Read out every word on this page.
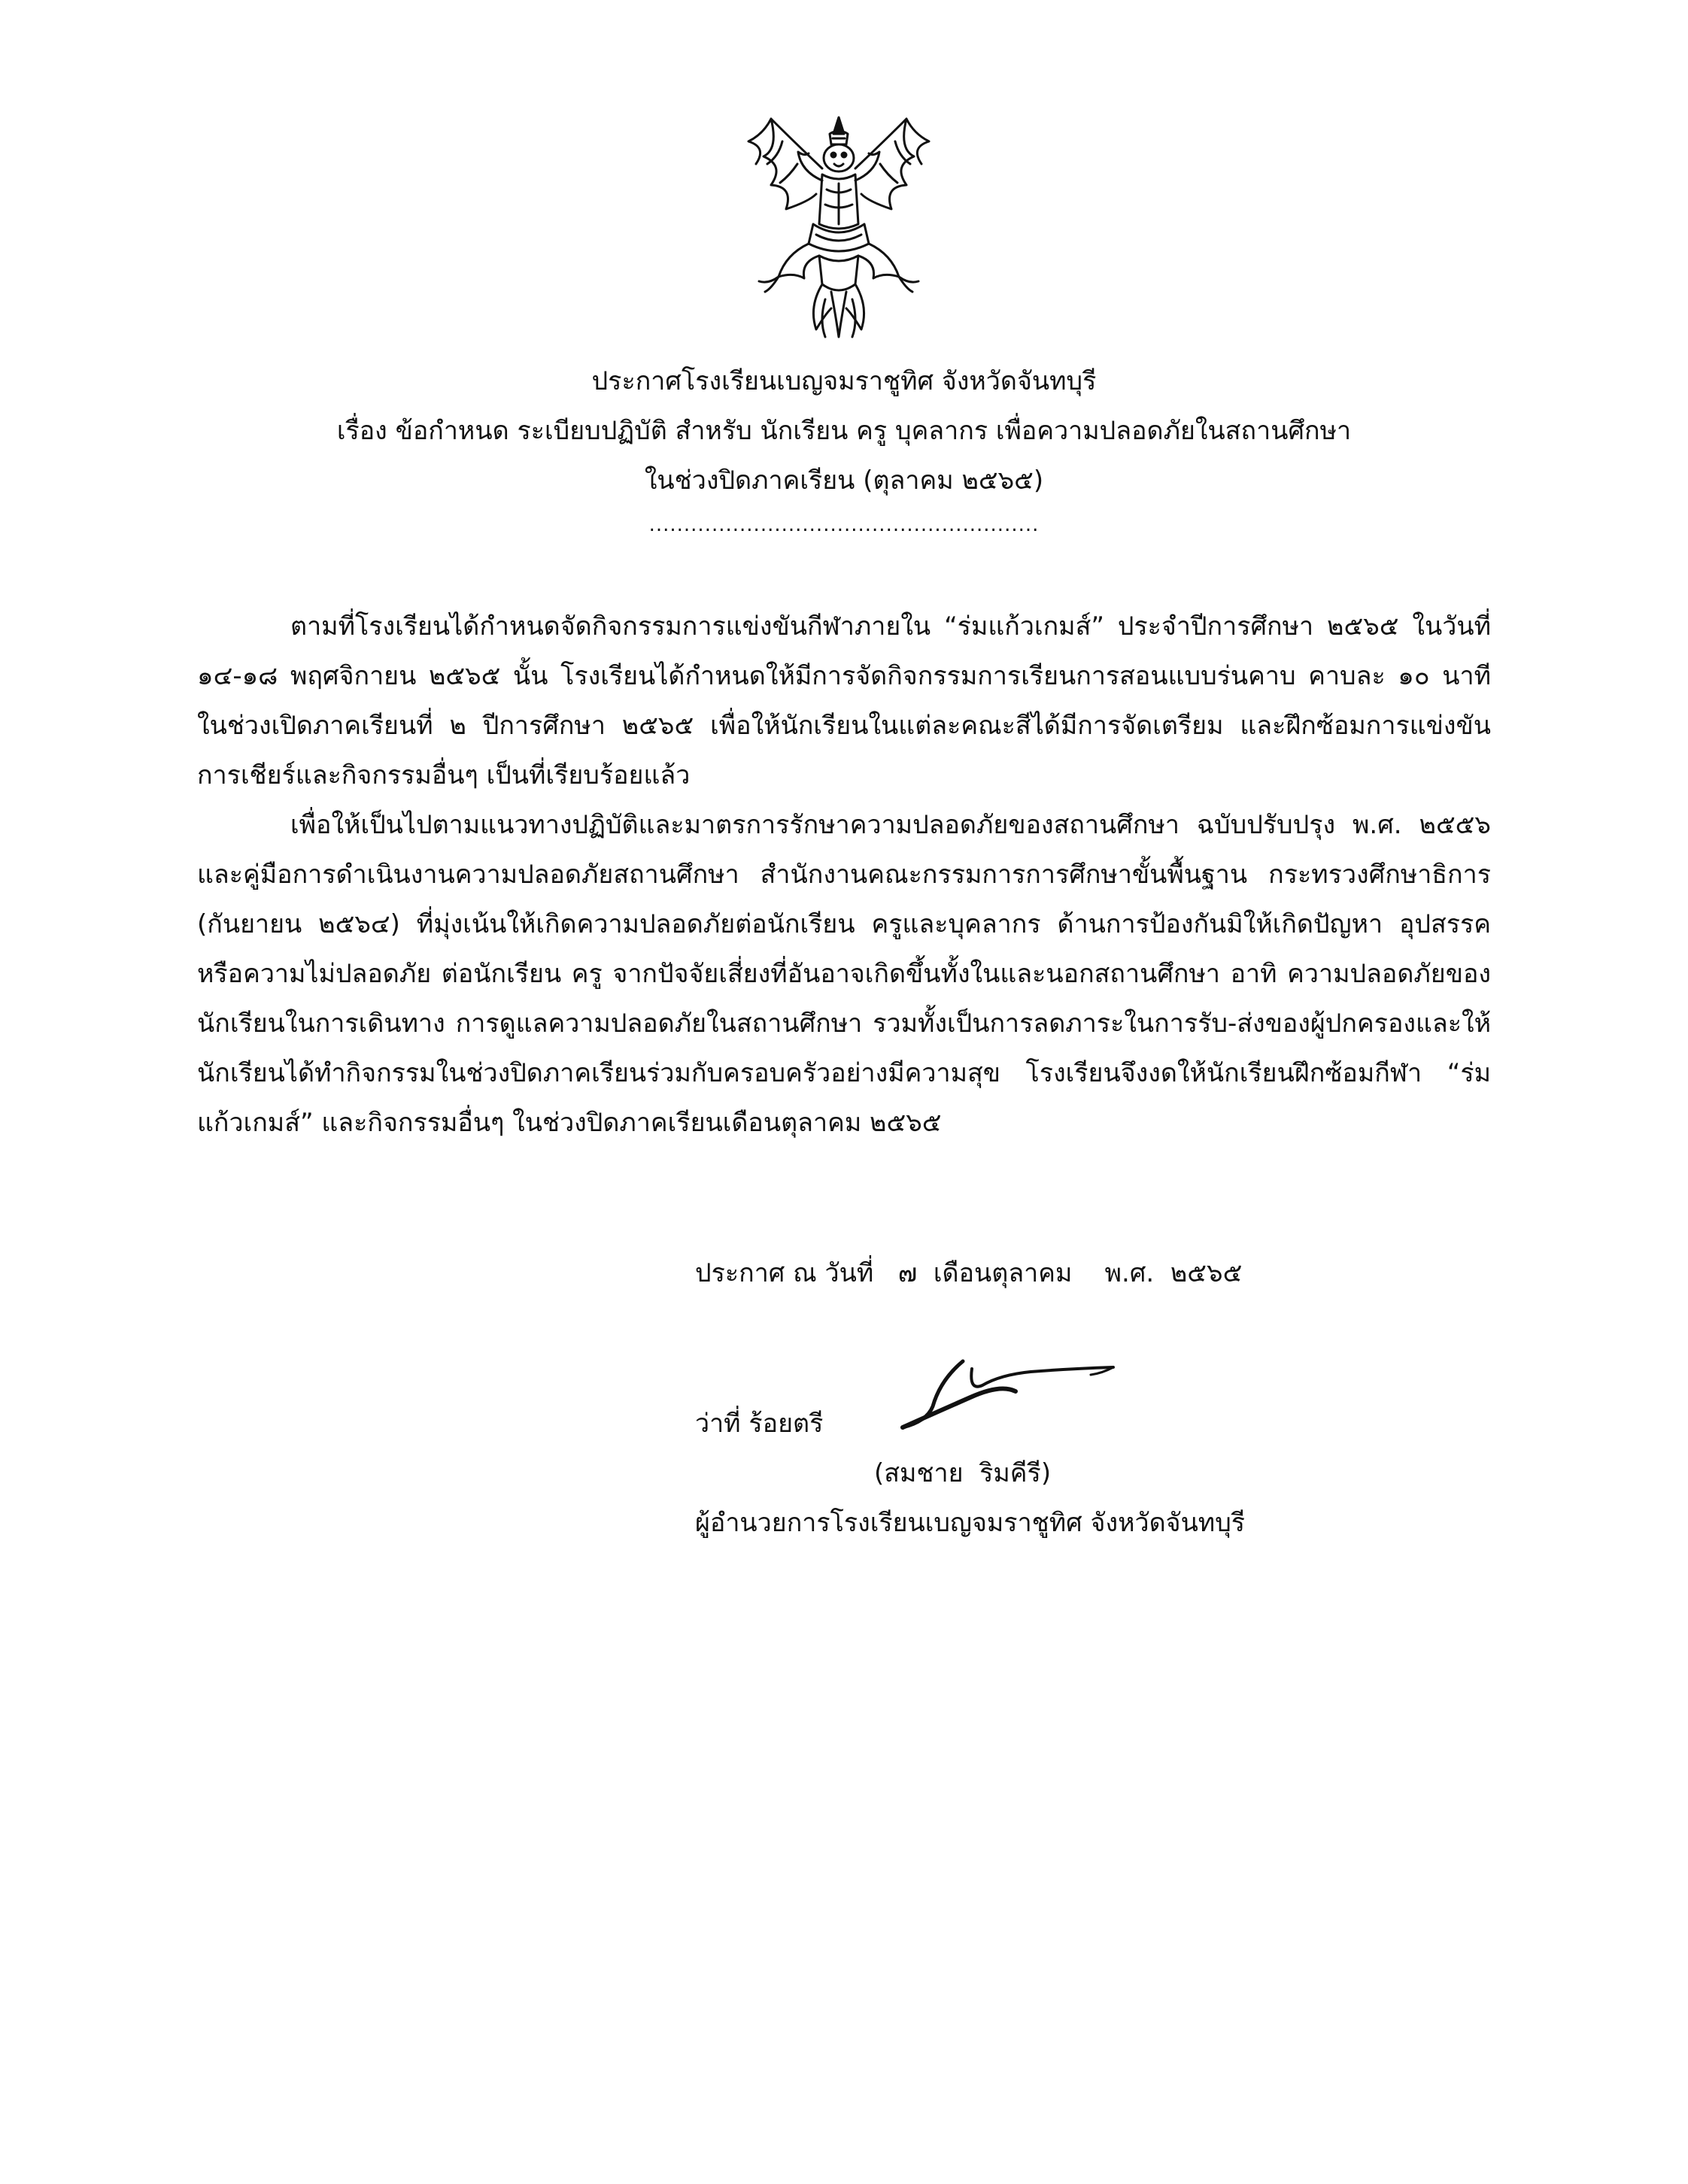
ประกาศโรงเรียนเบญจมราชูทิศ จังหวัดจันทบุรี
เรื่อง ข้อกำหนด ระเบียบปฏิบัติ สำหรับ นักเรียน ครู บุคลากร เพื่อความปลอดภัยในสถานศึกษา
ในช่วงปิดภาคเรียน (ตุลาคม ๒๕๖๕)
........................................................

ตามที่โรงเรียนได้กำหนดจัดกิจกรรมการแข่งขันกีฬาภายใน “ร่มแก้วเกมส์” ประจำปีการศึกษา ๒๕๖๕ ในวันที่ ๑๔-๑๘ พฤศจิกายน ๒๕๖๕ นั้น โรงเรียนได้กำหนดให้มีการจัดกิจกรรมการเรียนการสอนแบบร่นคาบ คาบละ ๑๐ นาที ในช่วงเปิดภาคเรียนที่ ๒ ปีการศึกษา ๒๕๖๕ เพื่อให้นักเรียนในแต่ละคณะสีได้มีการจัดเตรียม และฝึกซ้อมการแข่งขัน การเชียร์และกิจกรรมอื่นๆ เป็นที่เรียบร้อยแล้ว

เพื่อให้เป็นไปตามแนวทางปฏิบัติและมาตรการรักษาความปลอดภัยของสถานศึกษา ฉบับปรับปรุง พ.ศ. ๒๕๕๖ และคู่มือการดำเนินงานความปลอดภัยสถานศึกษา สำนักงานคณะกรรมการการศึกษาขั้นพื้นฐาน กระทรวงศึกษาธิการ (กันยายน ๒๕๖๔) ที่มุ่งเน้นให้เกิดความปลอดภัยต่อนักเรียน ครูและบุคลากร ด้านการป้องกันมิให้เกิดปัญหา อุปสรรค หรือความไม่ปลอดภัย ต่อนักเรียน ครู จากปัจจัยเสี่ยงที่อันอาจเกิดขึ้นทั้งในและนอกสถานศึกษา อาทิ ความปลอดภัยของนักเรียนในการเดินทาง การดูแลความปลอดภัยในสถานศึกษา รวมทั้งเป็นการลดภาระในการรับ-ส่งของผู้ปกครองและให้นักเรียนได้ทำกิจกรรมในช่วงปิดภาคเรียนร่วมกับครอบครัวอย่างมีความสุข โรงเรียนจึงงดให้นักเรียนฝึกซ้อมกีฬา “ร่มแก้วเกมส์” และกิจกรรมอื่นๆ ในช่วงปิดภาคเรียนเดือนตุลาคม ๒๕๖๕

ประกาศ ณ วันที่   ๗  เดือนตุลาคม    พ.ศ.  ๒๕๖๕
ว่าที่ ร้อยตรี
(สมชาย  ริมคีรี)
ผู้อำนวยการโรงเรียนเบญจมราชูทิศ จังหวัดจันทบุรี
